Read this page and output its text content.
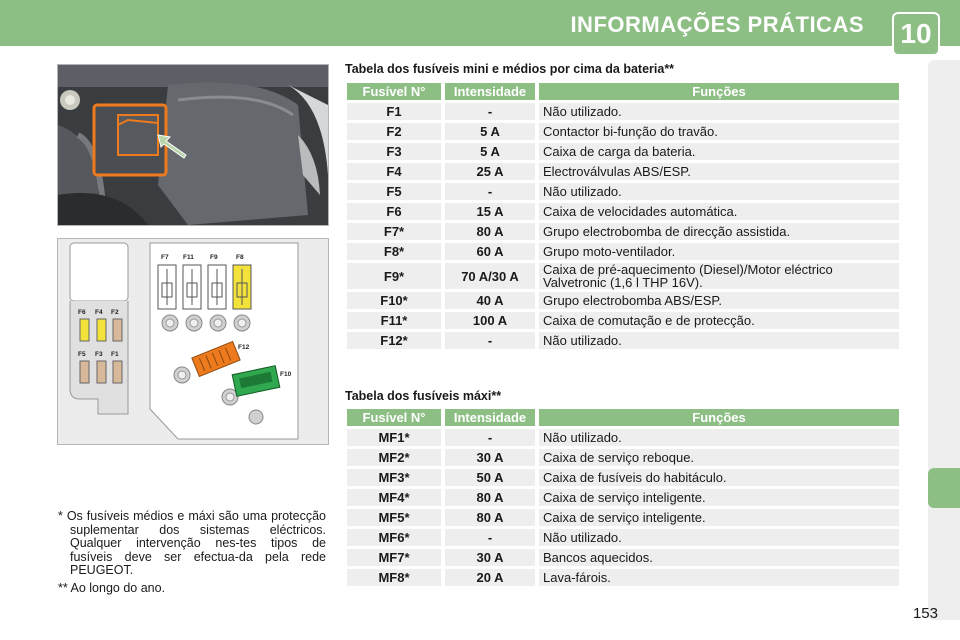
INFORMAÇÕES PRÁTICAS	10
F7 F11 F9	F8
F6 F4 F2
F5 F3 F1
F12
F10
Tabela dos fusíveis mini e médios por cima da bateria**
Fusível N°	Intensidade	Funções
F1	-	Não utilizado.
F2	5 A	Contactor bi-função do travão.
F3	5 A	Caixa de carga da bateria.
F4	25 A	Electroválvulas ABS/ESP.
F5	-	Não utilizado.
F6	15 A	Caixa de velocidades automática.
F7*	80 A	Grupo electrobomba de direcção assistida.
F8*	60 A	Grupo moto-ventilador.
F9*	70 A/30 A	Caixa de pré-aquecimento (Diesel)/Motor eléctrico Valvetronic (1,6 l THP 16V).
F10*	40 A	Grupo electrobomba ABS/ESP.
F11*	100 A	Caixa de comutação e de protecção.
F12*	-	Não utilizado.
Tabela dos fusíveis máxi**
Fusível N°	Intensidade	Funções
MF1*	-	Não utilizado.
MF2*	30 A	Caixa de serviço reboque.
MF3*	50 A	Caixa de fusíveis do habitáculo.
MF4*	80 A	Caixa de serviço inteligente.
MF5*	80 A	Caixa de serviço inteligente.
MF6*	-	Não utilizado.
MF7*	30 A	Bancos aquecidos.
MF8*	20 A	Lava-fárois.
* Os fusíveis médios e máxi são uma protecção suplementar dos sistemas eléctricos. Qualquer intervenção nes-tes tipos de fusíveis deve ser efectua-da pela rede PEUGEOT.
** Ao longo do ano.
153
